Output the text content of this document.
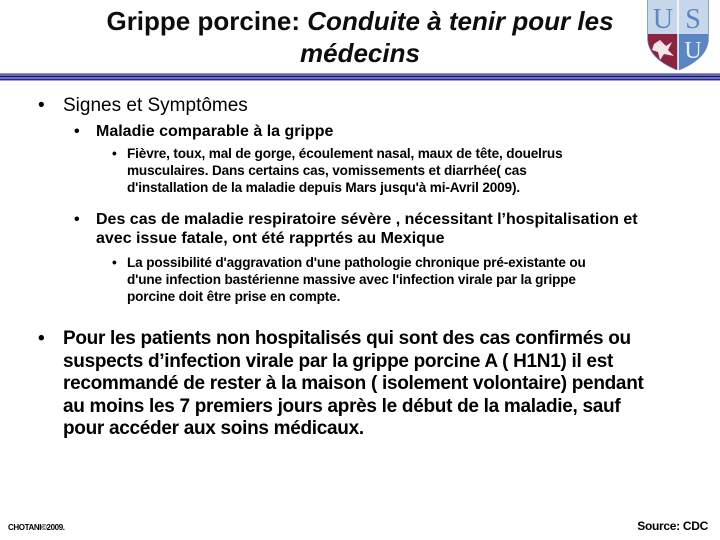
Grippe porcine: Conduite à tenir pour les
médecins
U S
U
• Signes et Symptômes
• Maladie comparable à la grippe
• Fièvre, toux, mal de gorge, écoulement nasal, maux de tête, douelrus
musculaires. Dans certains cas, vomissements et diarrhée( cas
d'installation de la maladie depuis Mars jusqu'à mi-Avril 2009).
• Des cas de maladie respiratoire sévère , nécessitant l’hospitalisation et
avec issue fatale, ont été rapprtés au Mexique
• La possibilité d'aggravation d'une pathologie chronique pré-existante ou
d'une infection bastérienne massive avec l'infection virale par la grippe
porcine doit être prise en compte.
• Pour les patients non hospitalisés qui sont des cas confirmés ou
suspects d’infection virale par la grippe porcine A ( H1N1) il est
recommandé de rester à la maison ( isolement volontaire) pendant
au moins les 7 premiers jours après le début de la maladie, sauf
pour accéder aux soins médicaux.
CHOTANI©2009.	Source: CDC
